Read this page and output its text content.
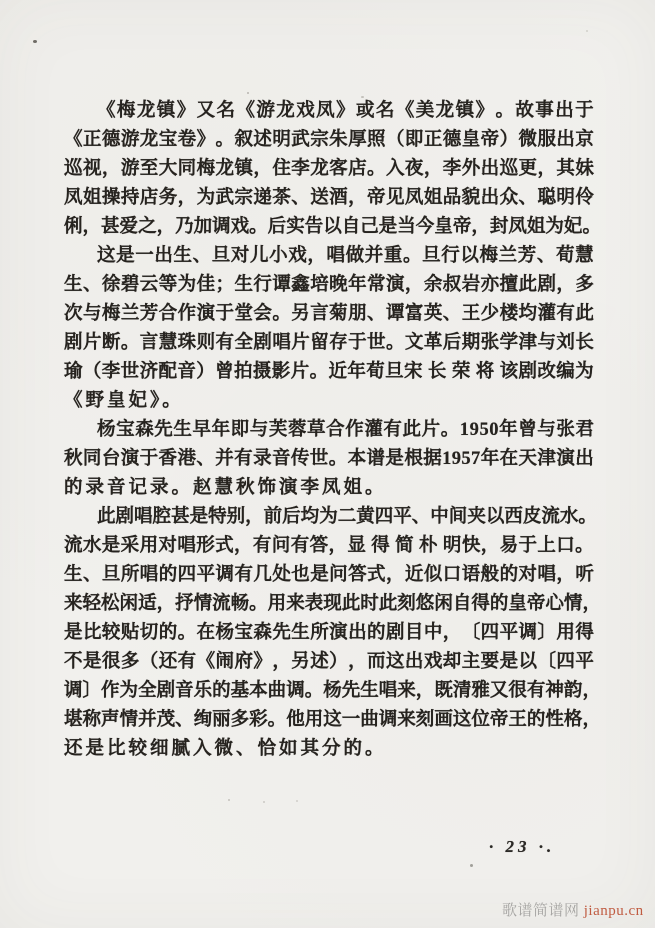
《 梅 龙 镇 》 又 名 《 游 龙 戏 凤 》 或 名 《 美 龙 镇 》 。 故 事 出 于
《 正 德 游 龙 宝 卷 》 。 叙 述 明 武 宗 朱 厚 照 （ 即 正 德 皇 帝 ） 微 服 出 京
巡 视 ， 游 至 大 同 梅 龙 镇 ， 住 李 龙 客 店 。 入 夜 ， 李 外 出 巡 更 ， 其 妹
凤 姐 操 持 店 务 ， 为 武 宗 递 茶 、 送 酒 ， 帝 见 凤 姐 品 貌 出 众 、 聪 明 伶
俐 ， 甚 爱 之 ， 乃 加 调 戏 。 后 实 告 以 自 己 是 当 今 皇 帝 ， 封 凤 姐 为 妃 。
这 是 一 出 生 、 旦 对 儿 小 戏 ， 唱 做 并 重 。 旦 行 以 梅 兰 芳 、 荀 慧
生 、 徐 碧 云 等 为 佳 ； 生 行 谭 鑫 培 晚 年 常 演 ， 余 叔 岩 亦 擅 此 剧 ， 多
次 与 梅 兰 芳 合 作 演 于 堂 会 。 另 言 菊 朋 、 谭 富 英 、 王 少 楼 均 灌 有 此
剧 片 断 。 言 慧 珠 则 有 全 剧 唱 片 留 存 于 世 。 文 革 后 期 张 学 津 与 刘 长
瑜 （ 李 世 济 配 音 ） 曾 拍 摄 影 片 。 近 年 荀 旦 宋
长
荣
将
该 剧 改 编 为
《野皇妃》。
杨 宝 森 先 生 早 年 即 与 芙 蓉 草 合 作 灌 有 此 片 。 1 9 5 0 年 曾 与 张 君
秋 同 台 演 于 香 港 、 并 有 录 音 传 世 。 本 谱 是 根 据 1 9 5 7 年 在 天 津 演 出
的录音记录。赵慧秋饰演李凤姐。
此 剧 唱 腔 甚 是 特 别 ， 前 后 均 为 二 黄 四 平 、 中 间 夹 以 西 皮 流 水 。
流 水 是 采 用 对 唱 形 式 ， 有 问 有 答 ， 显
得
简
朴
明 快 ， 易 于 上 口 。
生 、 旦 所 唱 的 四 平 调 有 几 处 也 是 问 答 式 ， 近 似 口 语 般 的 对 唱 ， 听
来 轻 松 闲 适 ， 抒 情 流 畅 。 用 来 表 现 此 时 此 刻 悠 闲 自 得 的 皇 帝 心 情 ，
是 比 较 贴 切 的 。 在 杨 宝 森 先 生 所 演 出 的 剧 目 中 ， 〔 四 平 调 〕 用 得
不 是 很 多 （ 还 有 《 闹 府 》 ， 另 述 ） ， 而 这 出 戏 却 主 要 是 以 〔 四 平
调 〕 作 为 全 剧 音 乐 的 基 本 曲 调 。 杨 先 生 唱 来 ， 既 清 雅 又 很 有 神 韵 ，
堪 称 声 情 并 茂 、 绚 丽 多 彩 。 他 用 这 一 曲 调 来 刻 画 这 位 帝 王 的 性 格 ，
还是比较细腻入微、恰如其分的。
· 23 ·.
歌谱简谱网 jianpu.cn
